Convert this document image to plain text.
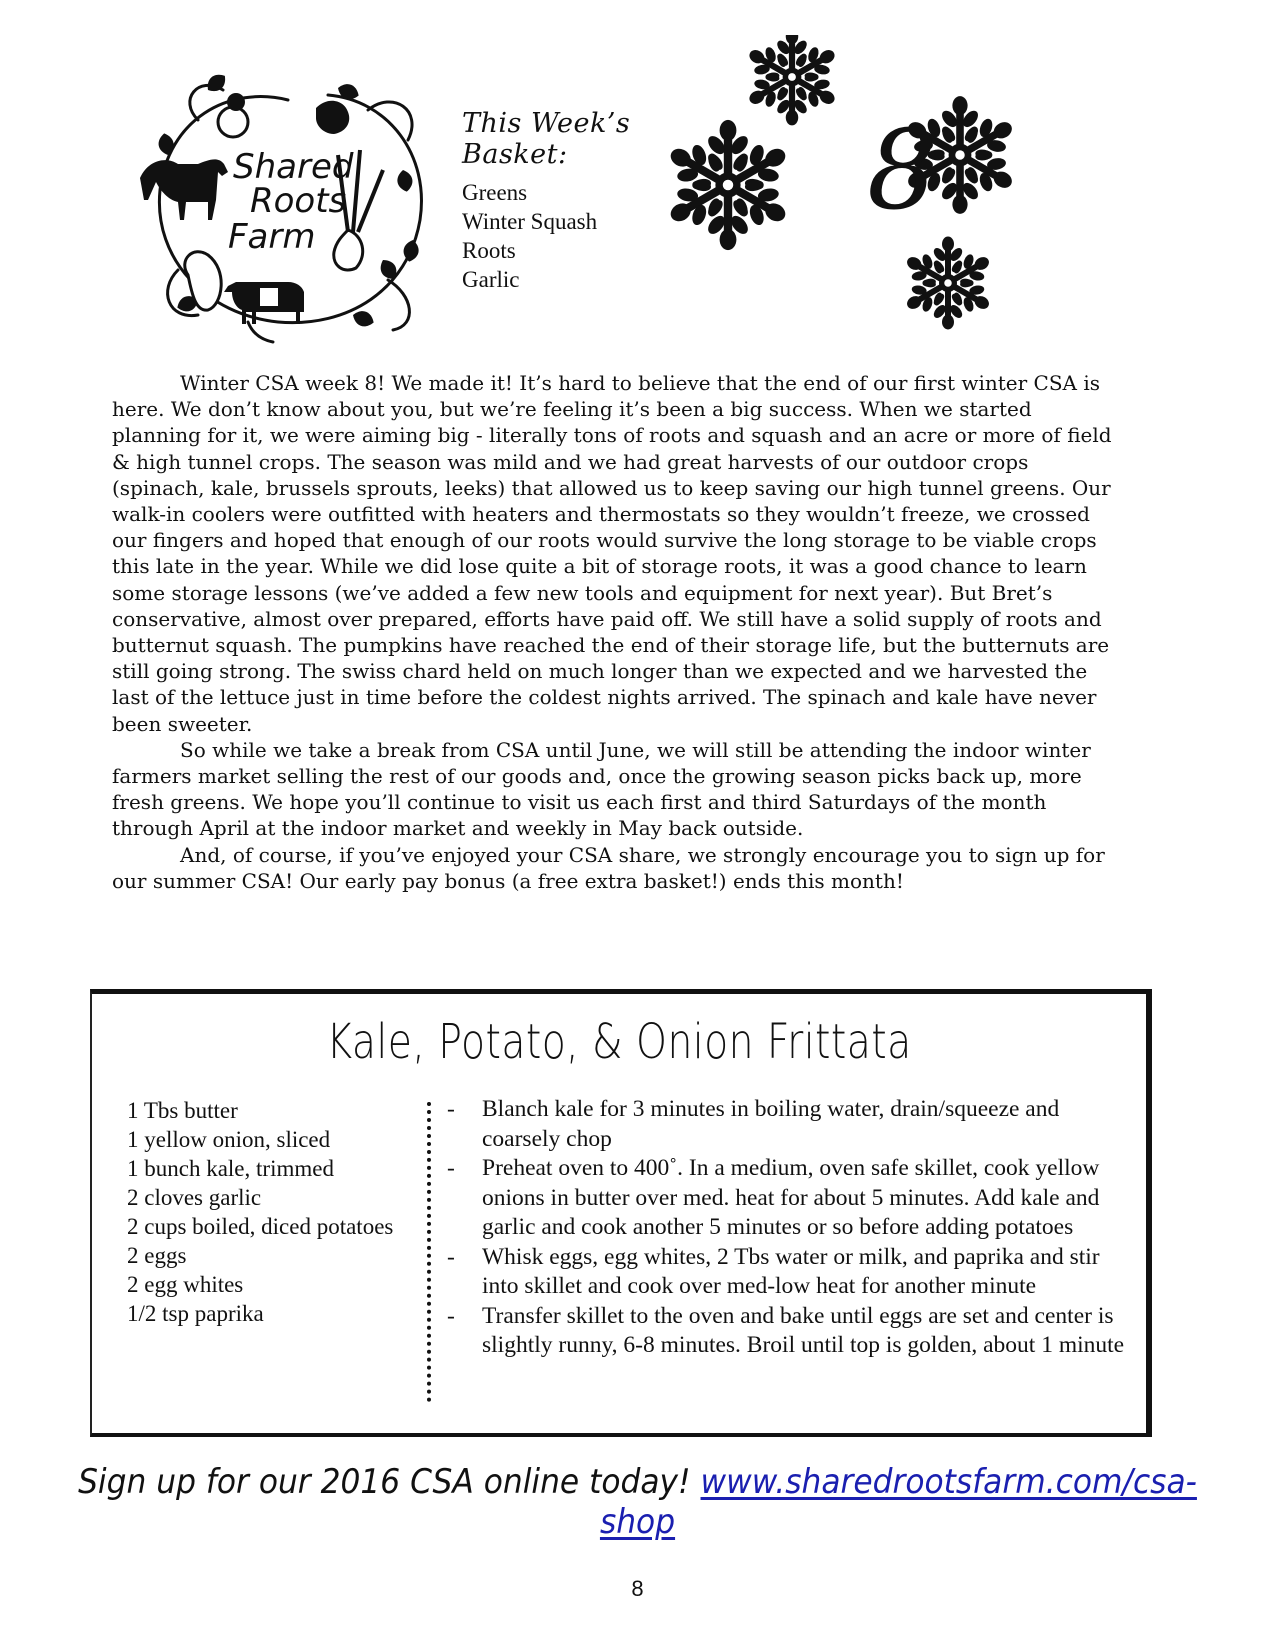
Shared
Roots
Farm
This Week’s Basket:
Greens
Winter Squash
Roots
Garlic
8

Winter CSA week 8! We made it! It’s hard to believe that the end of our first winter CSA is here. We don’t know about you, but we’re feeling it’s been a big success. When we started planning for it, we were aiming big - literally tons of roots and squash and an acre or more of field & high tunnel crops. The season was mild and we had great harvests of our outdoor crops (spinach, kale, brussels sprouts, leeks) that allowed us to keep saving our high tunnel greens. Our walk-in coolers were outfitted with heaters and thermostats so they wouldn’t freeze, we crossed our fingers and hoped that enough of our roots would survive the long storage to be viable crops this late in the year. While we did lose quite a bit of storage roots, it was a good chance to learn some storage lessons (we’ve added a few new tools and equipment for next year). But Bret’s conservative, almost over prepared, efforts have paid off. We still have a solid supply of roots and butternut squash. The pumpkins have reached the end of their storage life, but the butternuts are still going strong. The swiss chard held on much longer than we expected and we harvested the last of the lettuce just in time before the coldest nights arrived. The spinach and kale have never been sweeter.

So while we take a break from CSA until June, we will still be attending the indoor winter farmers market selling the rest of our goods and, once the growing season picks back up, more fresh greens. We hope you’ll continue to visit us each first and third Saturdays of the month through April at the indoor market and weekly in May back outside.

And, of course, if you’ve enjoyed your CSA share, we strongly encourage you to sign up for our summer CSA! Our early pay bonus (a free extra basket!) ends this month!

Kale, Potato, & Onion Frittata
1 Tbs butter
1 yellow onion, sliced
1 bunch kale, trimmed
2 cloves garlic
2 cups boiled, diced potatoes
2 eggs
2 egg whites
1/2 tsp paprika
- Blanch kale for 3 minutes in boiling water, drain/squeeze and coarsely chop
- Preheat oven to 400˚. In a medium, oven safe skillet, cook yellow onions in butter over med. heat for about 5 minutes. Add kale and garlic and cook another 5 minutes or so before adding potatoes
- Whisk eggs, egg whites, 2 Tbs water or milk, and paprika and stir into skillet and cook over med-low heat for another minute
- Transfer skillet to the oven and bake until eggs are set and center is slightly runny, 6-8 minutes. Broil until top is golden, about 1 minute
Sign up for our 2016 CSA online today! www.sharedrootsfarm.com/csa-shop
8
